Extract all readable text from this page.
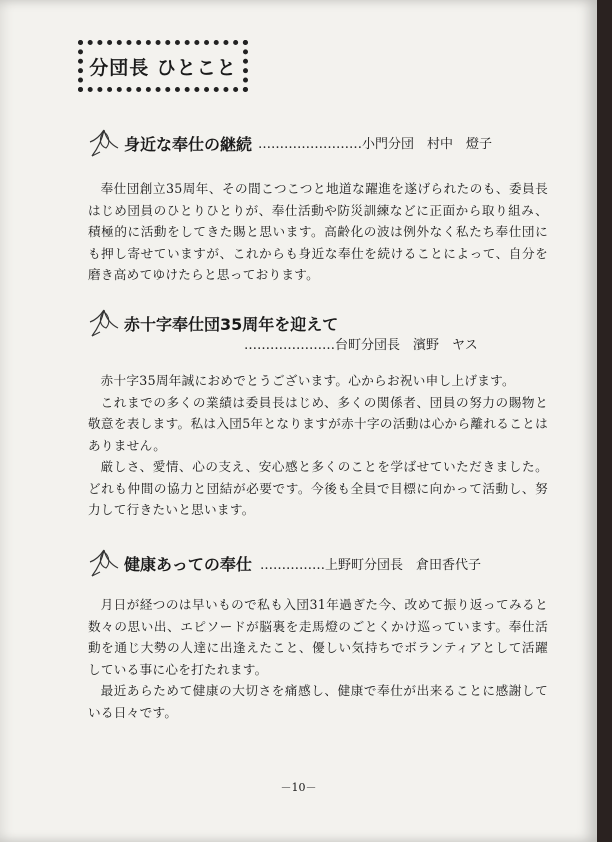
分団長 ひとこと
身近な奉仕の継続 ……………………小門分団　村中　燈子

奉仕団創立35周年、その間こつこつと地道な躍進を遂げられたのも、委員長はじめ団員のひとりひとりが、奉仕活動や防災訓練などに正面から取り組み、積極的に活動をしてきた賜と思います。高齢化の波は例外なく私たち奉仕団にも押し寄せていますが、これからも身近な奉仕を続けることによって、自分を磨き高めてゆけたらと思っております。

赤十字奉仕団35周年を迎えて
…………………台町分団長　濱野　ヤス

赤十字35周年誠におめでとうございます。心からお祝い申し上げます。

これまでの多くの業績は委員長はじめ、多くの関係者、団員の努力の賜物と敬意を表します。私は入団5年となりますが赤十字の活動は心から離れることはありません。

厳しさ、愛情、心の支え、安心感と多くのことを学ばせていただきました。どれも仲間の協力と団結が必要です。今後も全員で目標に向かって活動し、努力して行きたいと思います。

健康あっての奉仕 ……………上野町分団長　倉田香代子

月日が経つのは早いもので私も入団31年過ぎた今、改めて振り返ってみると数々の思い出、エピソードが脳裏を走馬燈のごとくかけ巡っています。奉仕活動を通じ大勢の人達に出逢えたこと、優しい気持ちでボランティアとして活躍している事に心を打たれます。

最近あらためて健康の大切さを痛感し、健康で奉仕が出来ることに感謝している日々です。

－10－
